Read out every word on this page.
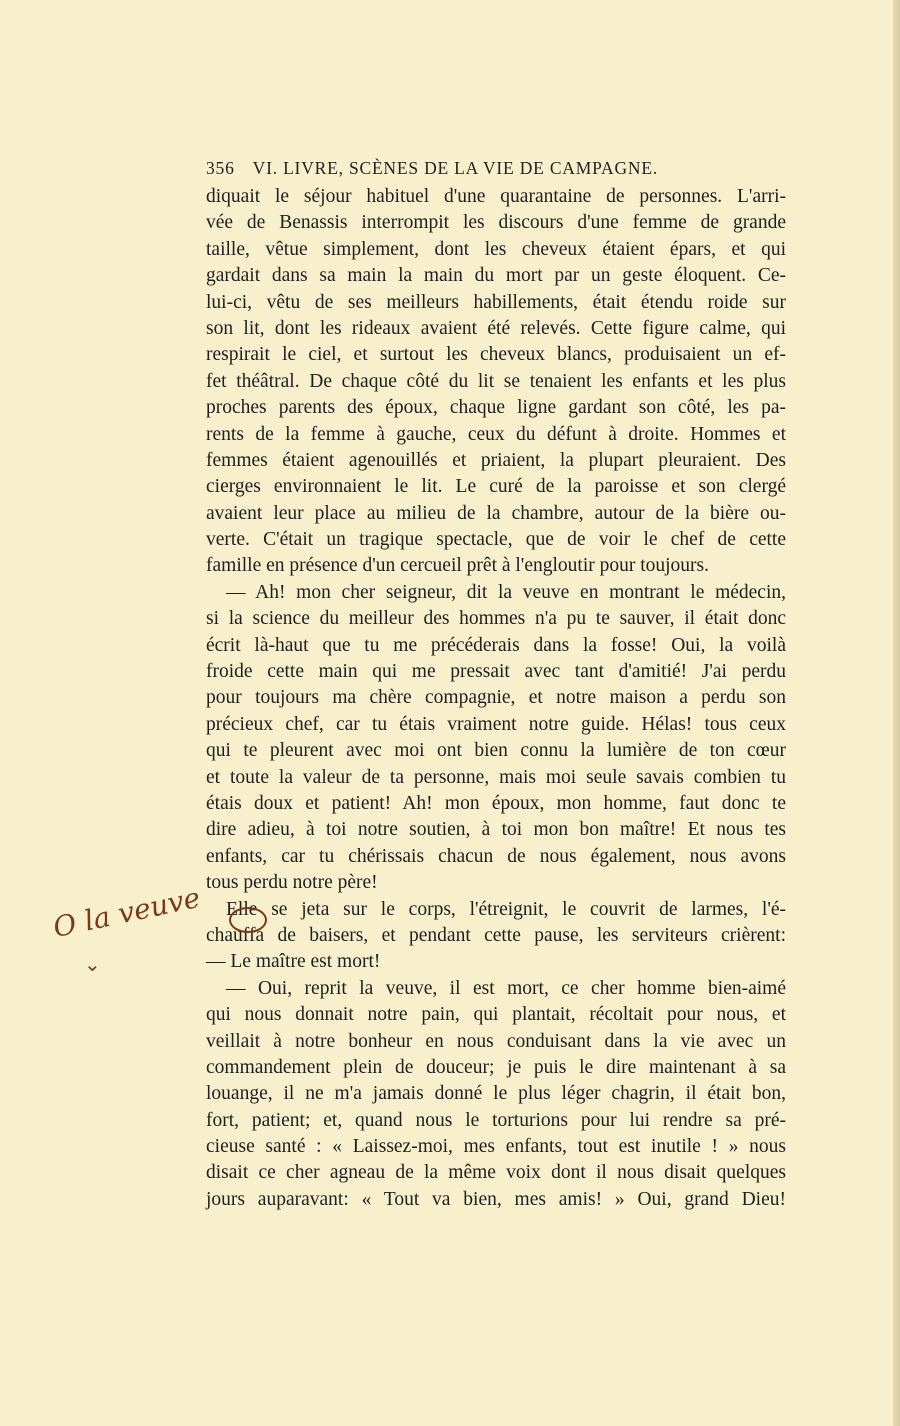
356 VI. LIVRE, SCÈNES DE LA VIE DE CAMPAGNE.
diquait le séjour habituel d'une quarantaine de personnes. L'arri-
vée de Benassis interrompit les discours d'une femme de grande
taille, vêtue simplement, dont les cheveux étaient épars, et qui
gardait dans sa main la main du mort par un geste éloquent. Ce-
lui-ci, vêtu de ses meilleurs habillements, était étendu roide sur
son lit, dont les rideaux avaient été relevés. Cette figure calme, qui
respirait le ciel, et surtout les cheveux blancs, produisaient un ef-
fet théâtral. De chaque côté du lit se tenaient les enfants et les plus
proches parents des époux, chaque ligne gardant son côté, les pa-
rents de la femme à gauche, ceux du défunt à droite. Hommes et
femmes étaient agenouillés et priaient, la plupart pleuraient. Des
cierges environnaient le lit. Le curé de la paroisse et son clergé
avaient leur place au milieu de la chambre, autour de la bière ou-
verte. C'était un tragique spectacle, que de voir le chef de cette
famille en présence d'un cercueil prêt à l'engloutir pour toujours.
— Ah! mon cher seigneur, dit la veuve en montrant le médecin,
si la science du meilleur des hommes n'a pu te sauver, il était donc
écrit là-haut que tu me précéderais dans la fosse! Oui, la voilà
froide cette main qui me pressait avec tant d'amitié! J'ai perdu
pour toujours ma chère compagnie, et notre maison a perdu son
précieux chef, car tu étais vraiment notre guide. Hélas! tous ceux
qui te pleurent avec moi ont bien connu la lumière de ton cœur
et toute la valeur de ta personne, mais moi seule savais combien tu
étais doux et patient! Ah! mon époux, mon homme, faut donc te
dire adieu, à toi notre soutien, à toi mon bon maître! Et nous tes
enfants, car tu chérissais chacun de nous également, nous avons
tous perdu notre père!
Elle se jeta sur le corps, l'étreignit, le couvrit de larmes, l'é-
chauffa de baisers, et pendant cette pause, les serviteurs crièrent:
— Le maître est mort!
— Oui, reprit la veuve, il est mort, ce cher homme bien-aimé
qui nous donnait notre pain, qui plantait, récoltait pour nous, et
veillait à notre bonheur en nous conduisant dans la vie avec un
commandement plein de douceur; je puis le dire maintenant à sa
louange, il ne m'a jamais donné le plus léger chagrin, il était bon,
fort, patient; et, quand nous le torturions pour lui rendre sa pré-
cieuse santé : « Laissez-moi, mes enfants, tout est inutile ! » nous
disait ce cher agneau de la même voix dont il nous disait quelques
jours auparavant: « Tout va bien, mes amis! » Oui, grand Dieu!
O la veuve
⌄
